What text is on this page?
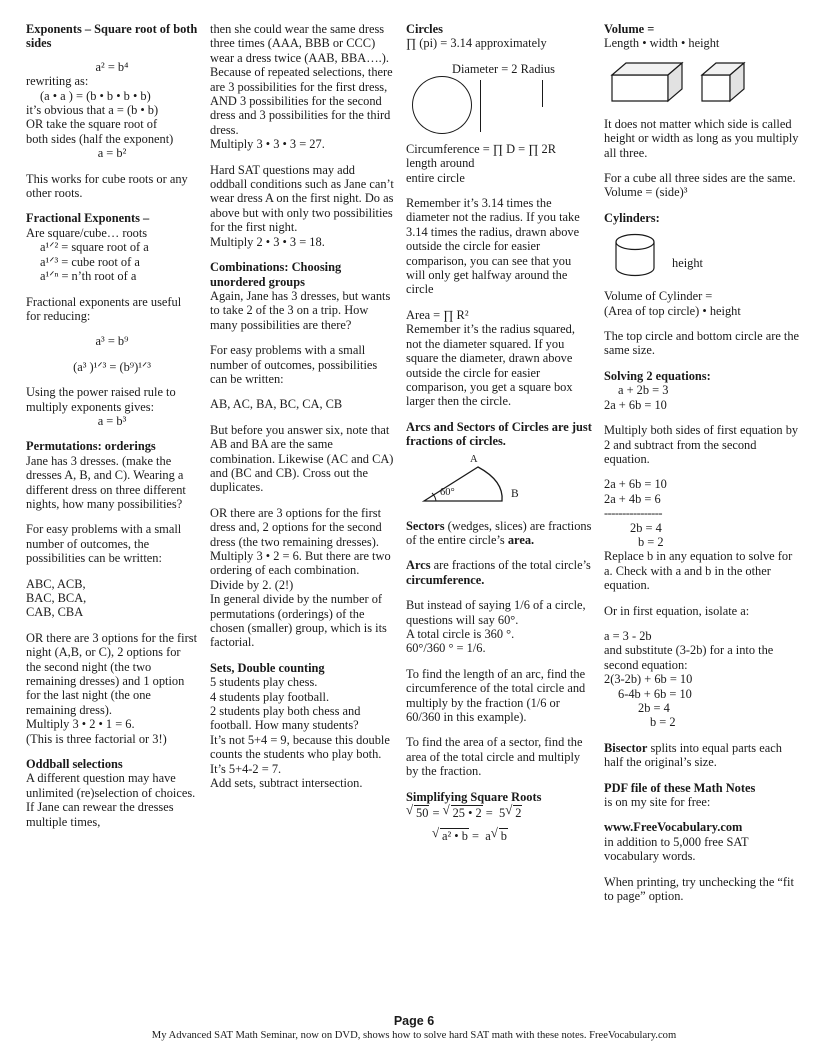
Exponents – Square root of both sides
a² = b⁴
rewriting as:
(a • a ) = (b • b • b • b)
it’s obvious that a = (b • b)
OR take the square root of
both sides (half the exponent)
a = b²
This works for cube roots or any other roots.
Fractional Exponents –
Are square/cube… roots
a¹ᐟ² = square root of a
a¹ᐟ³ = cube root of a
a¹ᐟⁿ = n’th root of a
Fractional exponents are useful for reducing:
a³ = b⁹
(a³ )¹ᐟ³ = (b⁹)¹ᐟ³
Using the power raised rule to multiply exponents gives:
a = b³
Permutations: orderings
Jane has 3 dresses. (make the dresses A, B, and C). Wearing a different dress on three different nights, how many possibilities?
For easy problems with a small number of outcomes, the possibilities can be written:
ABC, ACB,
BAC, BCA,
CAB, CBA
OR there are 3 options for the first night (A,B, or C), 2 options for the second night (the two remaining dresses) and 1 option for the last night (the one remaining dress).
Multiply 3 • 2 • 1 = 6.
(This is three factorial or 3!)
Oddball selections
A different question may have unlimited (re)selection of choices. If Jane can rewear the dresses multiple times,
then she could wear the same dress three times (AAA, BBB or CCC) wear a dress twice (AAB, BBA….). Because of repeated selections, there are 3 possibilities for the first dress, AND 3 possibilities for the second dress and 3 possibilities for the third dress.
Multiply 3 • 3 • 3 = 27.
Hard SAT questions may add oddball conditions such as Jane can’t wear dress A on the first night. Do as above but with only two possibilities for the first night.
Multiply 2 • 3 • 3 = 18.
Combinations: Choosing unordered groups
Again, Jane has 3 dresses, but wants to take 2 of the 3 on a trip. How many possibilities are there?
For easy problems with a small number of outcomes, possibilities can be written:
AB, AC, BA, BC, CA, CB
But before you answer six, note that AB and BA are the same combination. Likewise (AC and CA) and (BC and CB). Cross out the duplicates.
OR there are 3 options for the first dress and, 2 options for the second dress (the two remaining dresses).
Multiply 3 • 2 = 6. But there are two ordering of each combination. Divide by 2. (2!)
In general divide by the number of permutations (orderings) of the chosen (smaller) group, which is its factorial.
Sets, Double counting
5 students play chess.
4 students play football.
2 students play both chess and football. How many students?
It’s not 5+4 = 9, because this double counts the students who play both. It’s 5+4-2 = 7.
Add sets, subtract intersection.
Circles
∏ (pi) = 3.14 approximately
Diameter = 2 Radius
Circumference = ∏ D = ∏ 2R
length around
entire circle
Remember it’s 3.14 times the diameter not the radius. If you take 3.14 times the radius, drawn above outside the circle for easier comparison, you can see that you will only get halfway around the circle
Area = ∏ R²
Remember it’s the radius squared, not the diameter squared. If you square the diameter, drawn above outside the circle for easier comparison, you get a square box larger then the circle.
Arcs and Sectors of Circles are just fractions of circles.
A
B
60°
Sectors (wedges, slices) are fractions of the entire circle’s area.
Arcs are fractions of the total circle’s circumference.
But instead of saying 1/6 of a circle, questions will say 60°.
A total circle is 360 °.
60°/360 ° = 1/6.
To find the length of an arc, find the circumference of the total circle and multiply by the fraction (1/6 or 60/360 in this example).
To find the area of a sector, find the area of the total circle and multiply by the fraction.
Simplifying Square Roots
√ 50 = √ 25 • 2 =  5 √ 2
√ a² • b =  a √ b
Volume =
Length • width • height
It does not matter which side is called height or width as long as you multiply all three.
For a cube all three sides are the same. Volume = (side)³
Cylinders:
height
Volume of Cylinder =
(Area of top circle) • height
The top circle and bottom circle are the same size.
Solving 2 equations:
a + 2b = 3
2a + 6b = 10
Multiply both sides of first equation by 2 and subtract from the second equation.
2a + 6b = 10
2a + 4b = 6
----------------
2b = 4
b = 2
Replace b in any equation to solve for a. Check with a and b in the other equation.
Or in first equation, isolate a:
a = 3 - 2b
and substitute (3-2b) for a into the second equation:
2(3-2b) + 6b = 10
6-4b + 6b = 10
2b = 4
b = 2
Bisector splits into equal parts each half the original’s size.
PDF file of these Math Notes
is on my site for free:
www.FreeVocabulary.com
in addition to 5,000 free SAT vocabulary words.
When printing, try unchecking the “fit to page” option.
Page 6
My Advanced SAT Math Seminar, now on DVD, shows how to solve hard SAT math with these notes. FreeVocabulary.com
